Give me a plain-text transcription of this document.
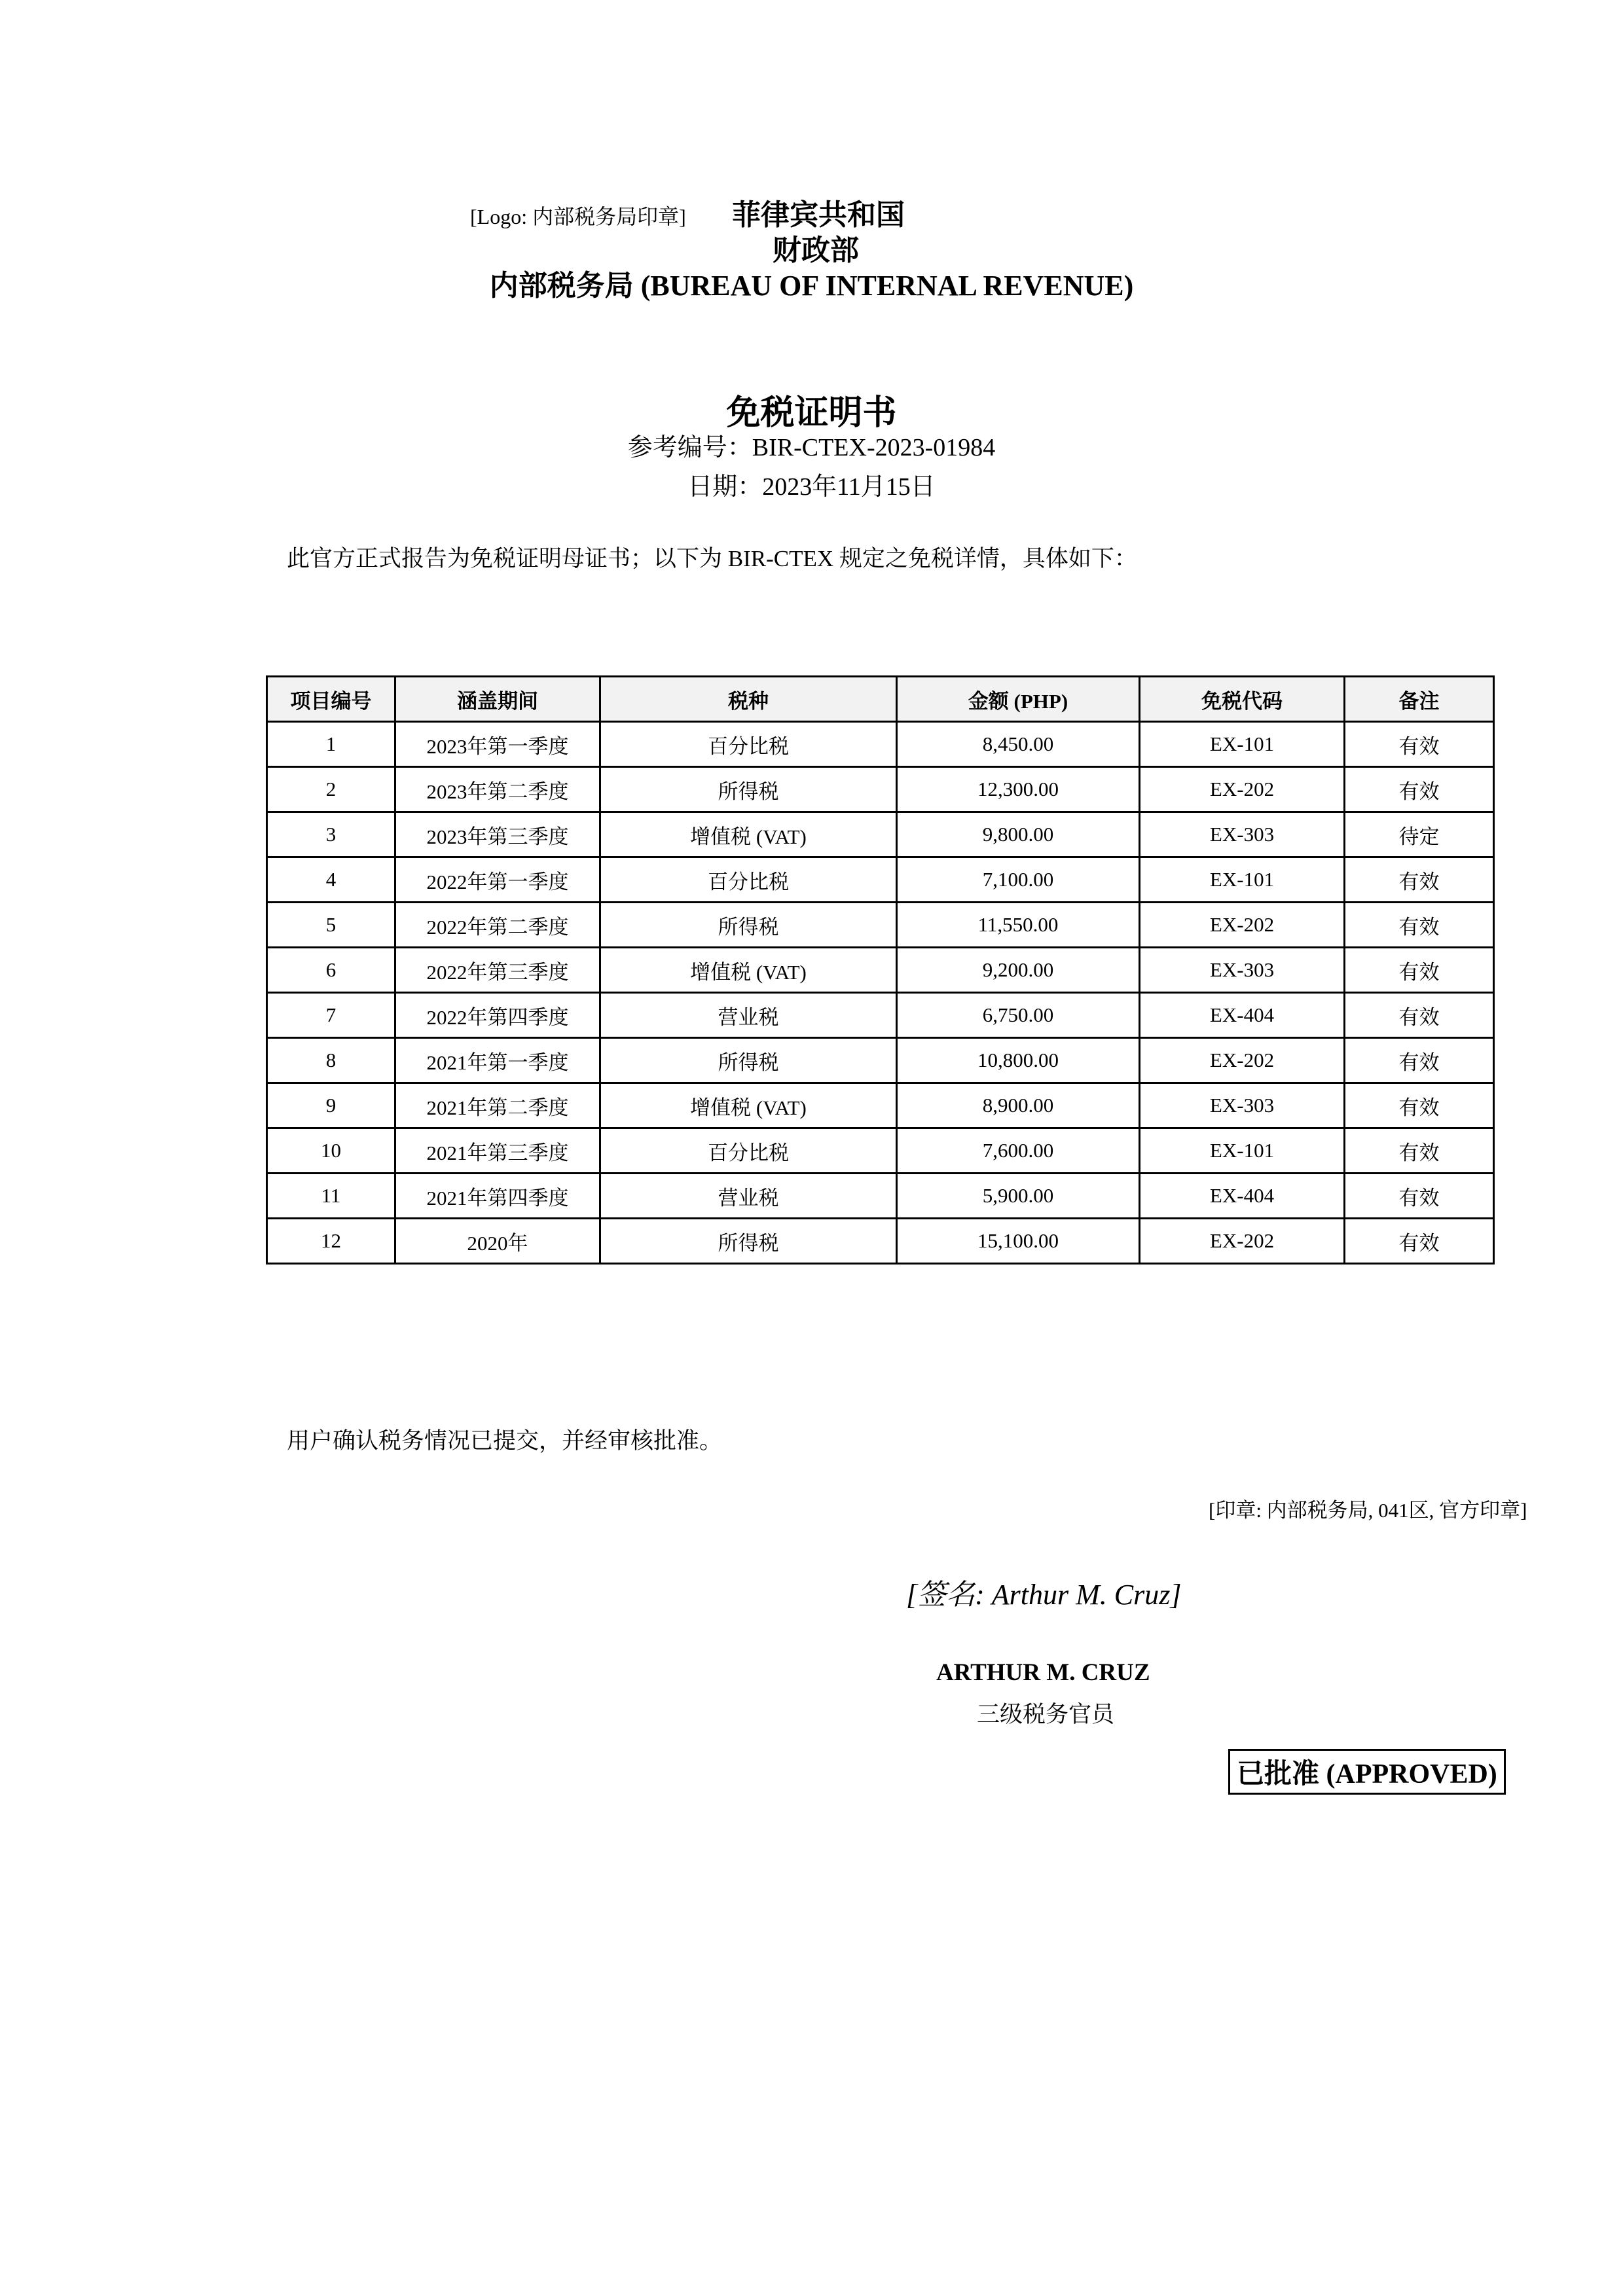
[Logo: 内部税务局印章] 菲律宾共和国
财政部
内部税务局 (BUREAU OF INTERNAL REVENUE)
免税证明书
参考编号：BIR-CTEX-2023-01984
日期：2023年11月15日
此官方正式报告为免税证明母证书；以下为 BIR-CTEX 规定之免税详情，具体如下：
项目编号	涵盖期间	税种	金额 (PHP)	免税代码	备注
1	2023年第一季度	百分比税	8,450.00	EX-101	有效
2	2023年第二季度	所得税	12,300.00	EX-202	有效
3	2023年第三季度	增值税 (VAT)	9,800.00	EX-303	待定
4	2022年第一季度	百分比税	7,100.00	EX-101	有效
5	2022年第二季度	所得税	11,550.00	EX-202	有效
6	2022年第三季度	增值税 (VAT)	9,200.00	EX-303	有效
7	2022年第四季度	营业税	6,750.00	EX-404	有效
8	2021年第一季度	所得税	10,800.00	EX-202	有效
9	2021年第二季度	增值税 (VAT)	8,900.00	EX-303	有效
10	2021年第三季度	百分比税	7,600.00	EX-101	有效
11	2021年第四季度	营业税	5,900.00	EX-404	有效
12	2020年	所得税	15,100.00	EX-202	有效
用户确认税务情况已提交，并经审核批准。
[印章: 内部税务局, 041区, 官方印章]
[签名: Arthur M. Cruz]
ARTHUR M. CRUZ
三级税务官员
已批准 (APPROVED)
